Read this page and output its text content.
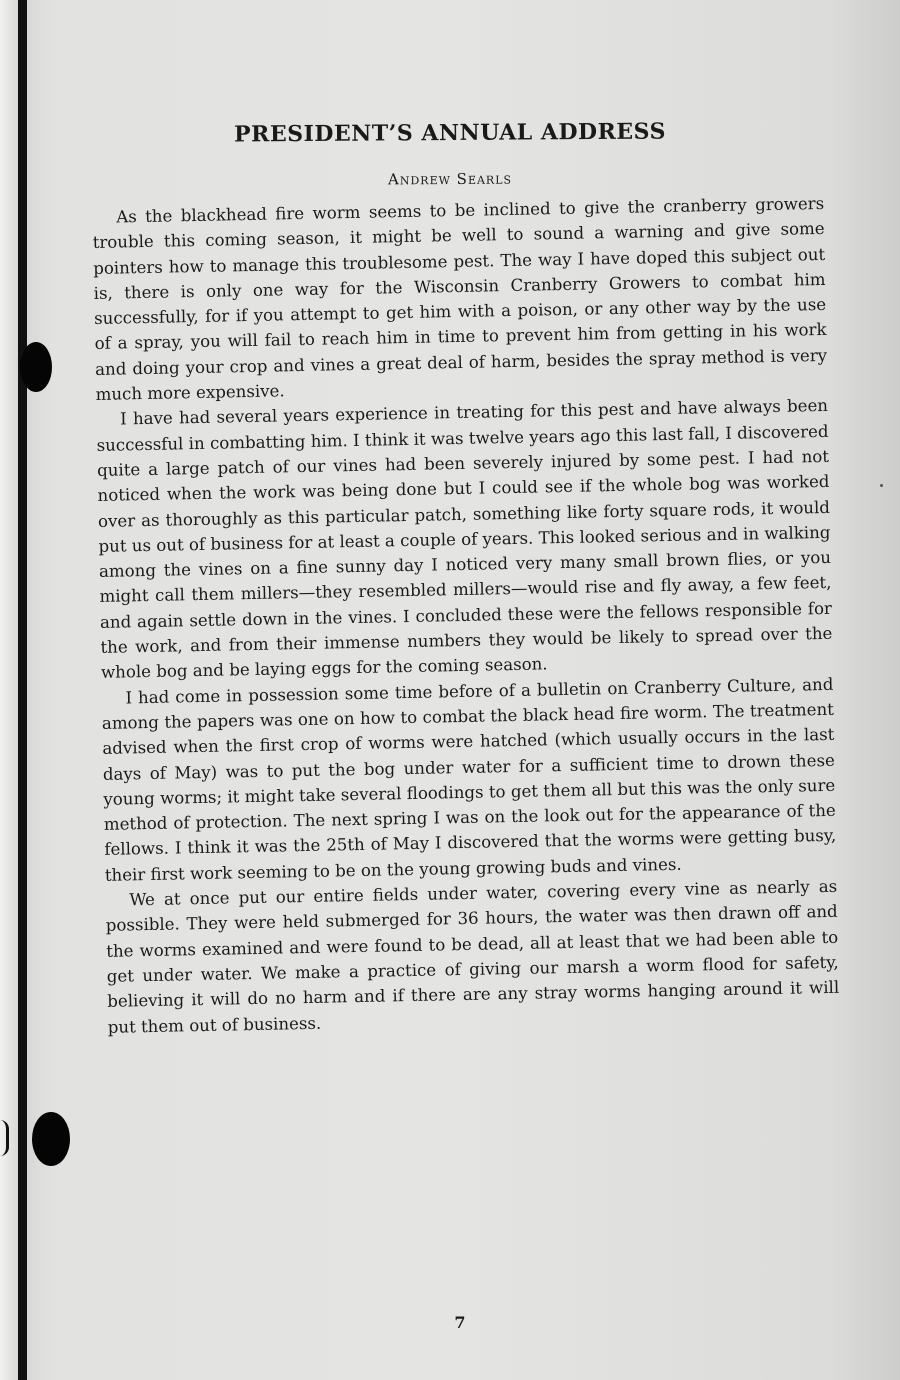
PRESIDENT’S ANNUAL ADDRESS
Andrew Searls

As the blackhead fire worm seems to be inclined to give the cranberry growers trouble this coming season, it might be well to sound a warning and give some pointers how to manage this troublesome pest. The way I have doped this subject out is, there is only one way for the Wisconsin Cranberry Growers to combat him successfully, for if you attempt to get him with a poison, or any other way by the use of a spray, you will fail to reach him in time to prevent him from getting in his work and doing your crop and vines a great deal of harm, besides the spray method is very much more expensive.

I have had several years experience in treating for this pest and have always been successful in combatting him. I think it was twelve years ago this last fall, I discovered quite a large patch of our vines had been severely injured by some pest. I had not noticed when the work was being done but I could see if the whole bog was worked over as thoroughly as this particular patch, something like forty square rods, it would put us out of business for at least a couple of years. This looked serious and in walking among the vines on a fine sunny day I noticed very many small brown flies, or you might call them millers—they resembled millers—would rise and fly away, a few feet, and again settle down in the vines. I concluded these were the fellows responsible for the work, and from their immense numbers they would be likely to spread over the whole bog and be laying eggs for the coming season.

I had come in possession some time before of a bulletin on Cranberry Culture, and among the papers was one on how to combat the black head fire worm. The treatment advised when the first crop of worms were hatched (which usually occurs in the last days of May) was to put the bog under water for a sufficient time to drown these young worms; it might take several floodings to get them all but this was the only sure method of protection. The next spring I was on the look out for the appearance of the fellows. I think it was the 25th of May I discovered that the worms were getting busy, their first work seeming to be on the young growing buds and vines.

We at once put our entire fields under water, covering every vine as nearly as possible. They were held submerged for 36 hours, the water was then drawn off and the worms examined and were found to be dead, all at least that we had been able to get under water. We make a practice of giving our marsh a worm flood for safety, believing it will do no harm and if there are any stray worms hanging around it will put them out of business.

7
